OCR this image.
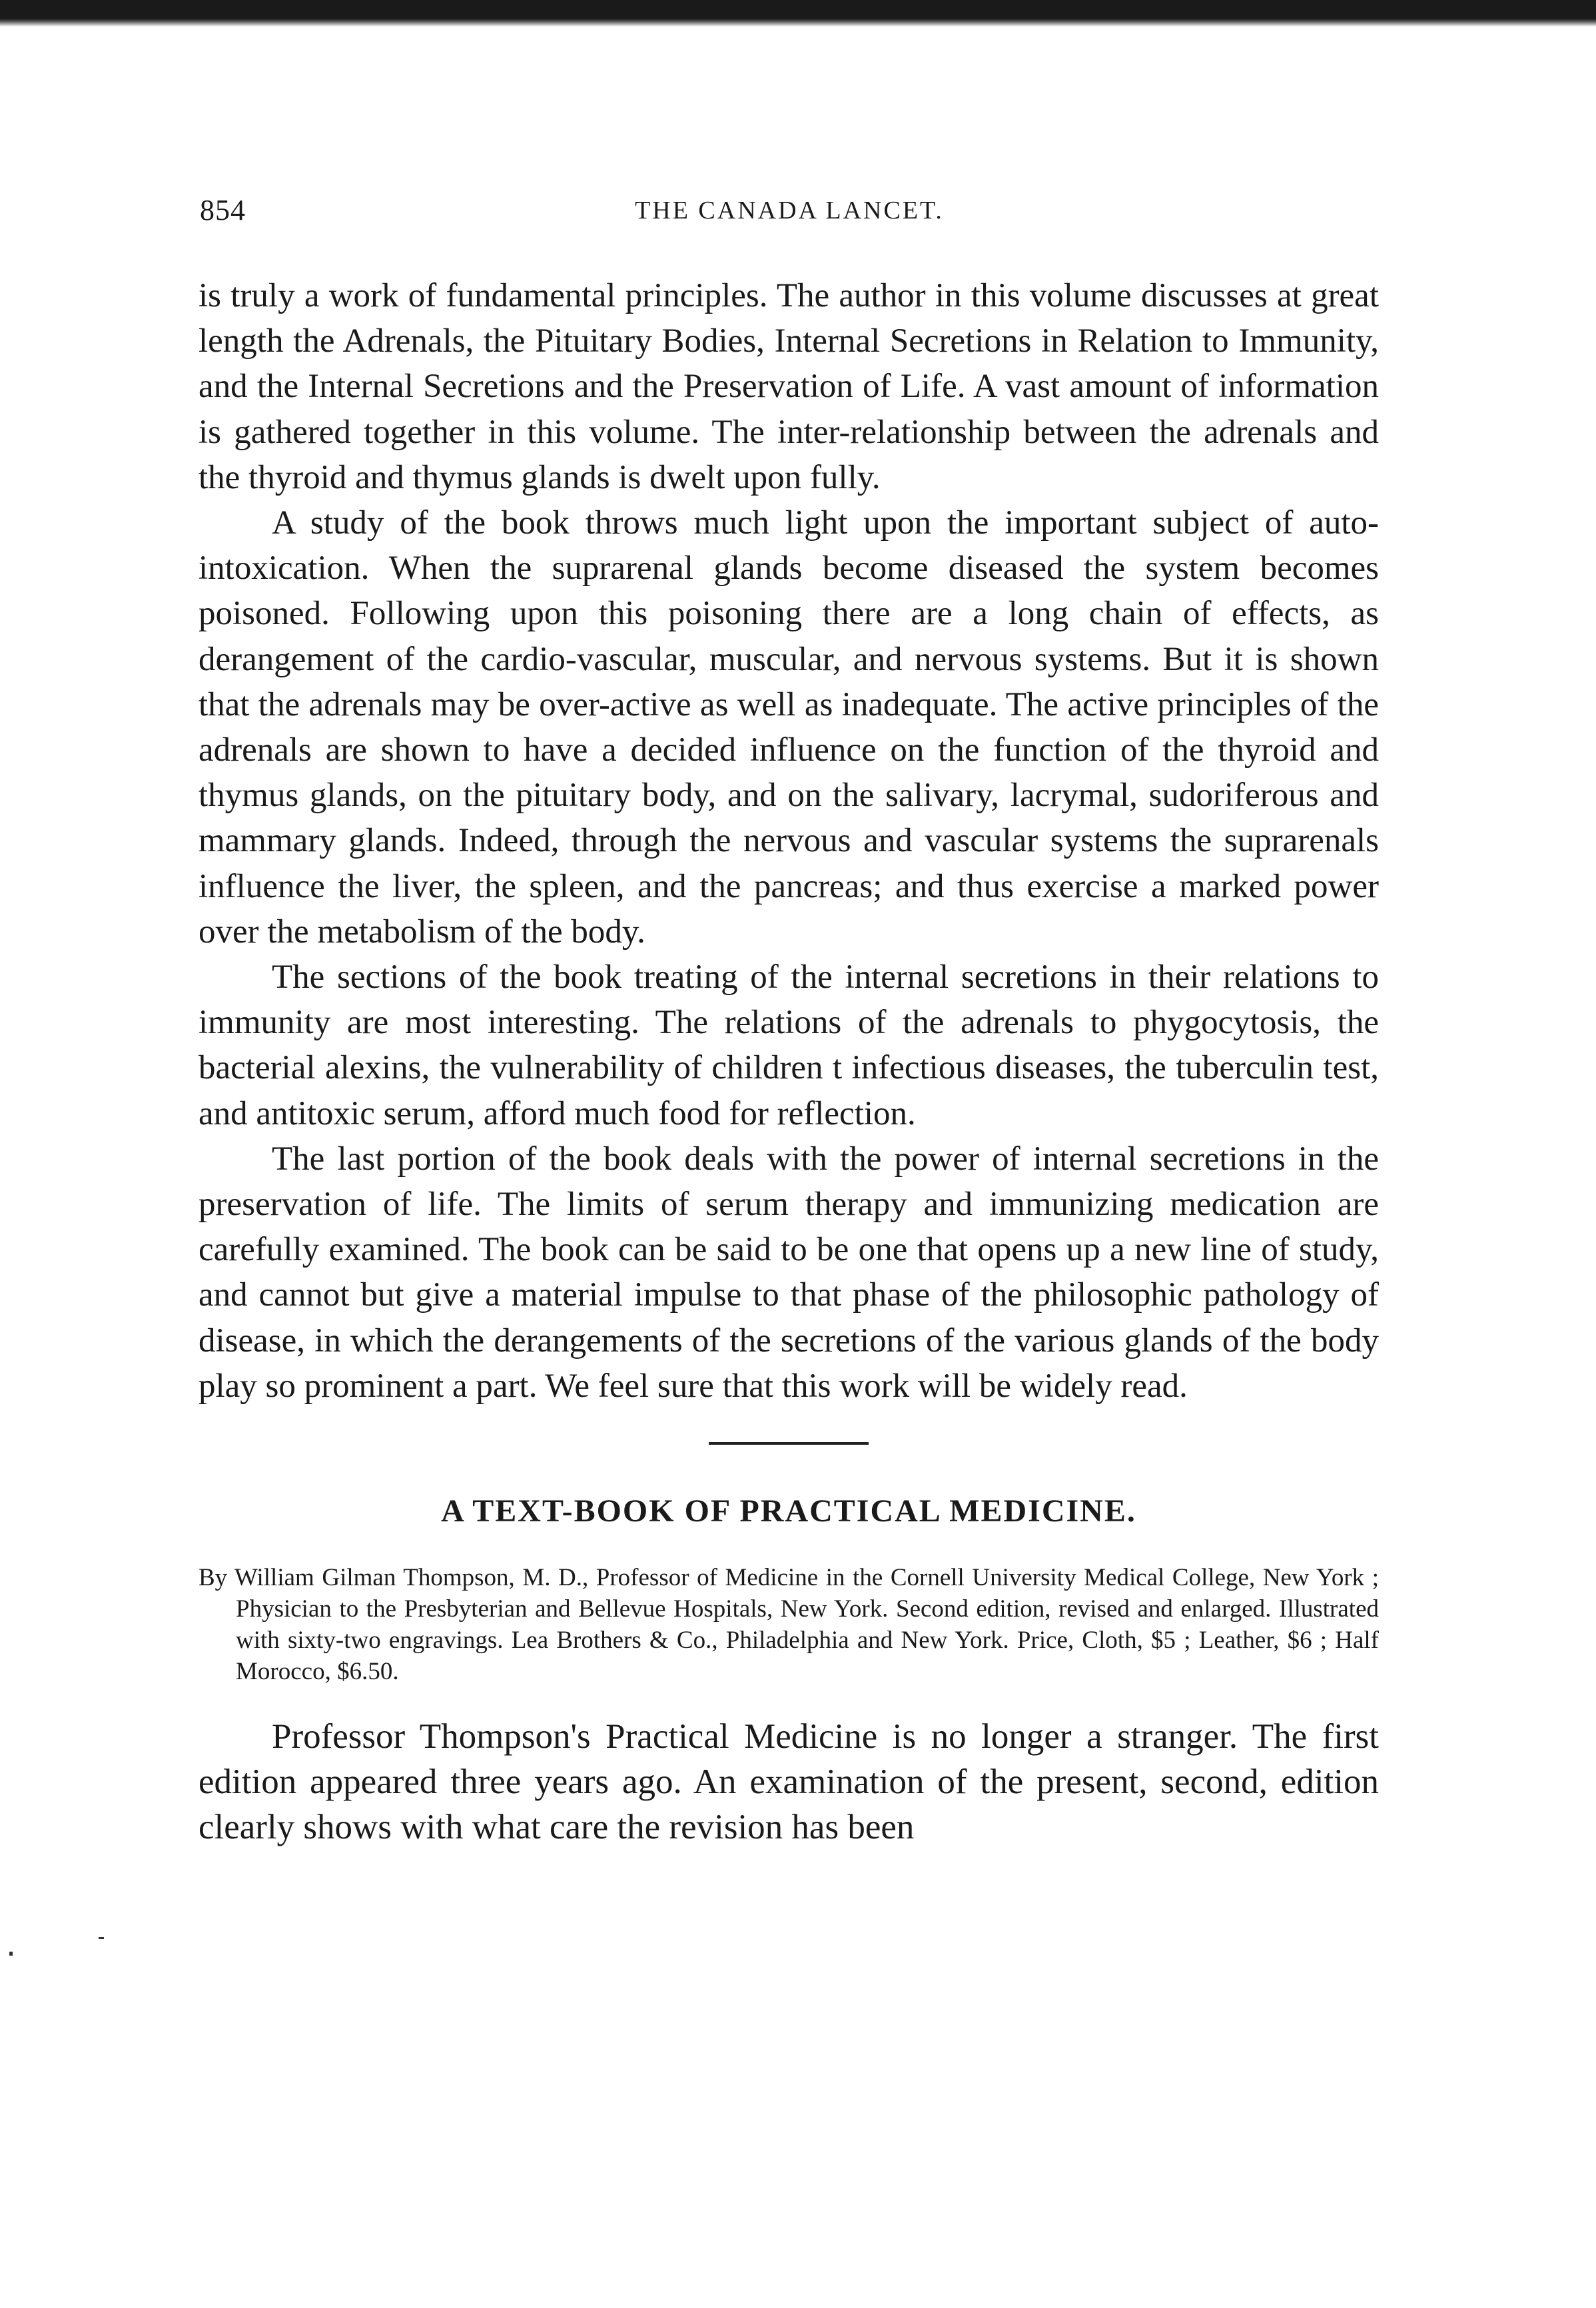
854	THE CANADA LANCET.

is truly a work of fundamental principles. The author in this volume discusses at great length the Adrenals, the Pituitary Bodies, Internal Secretions in Relation to Immunity, and the Internal Secretions and the Preservation of Life. A vast amount of information is gathered together in this volume. The inter-relationship between the adrenals and the thyroid and thymus glands is dwelt upon fully.

A study of the book throws much light upon the important subject of auto-intoxication. When the suprarenal glands become diseased the system becomes poisoned. Following upon this poisoning there are a long chain of effects, as derangement of the cardio-vascular, muscular, and nervous systems. But it is shown that the adrenals may be over-active as well as inadequate. The active principles of the adrenals are shown to have a decided influence on the function of the thyroid and thymus glands, on the pituitary body, and on the salivary, lacrymal, sudoriferous and mammary glands. Indeed, through the nervous and vascular systems the suprarenals influence the liver, the spleen, and the pancreas; and thus exercise a marked power over the metabolism of the body.

The sections of the book treating of the internal secretions in their relations to immunity are most interesting. The relations of the adrenals to phygocytosis, the bacterial alexins, the vulnerability of children t infectious diseases, the tuberculin test, and antitoxic serum, afford much food for reflection.

The last portion of the book deals with the power of internal secretions in the preservation of life. The limits of serum therapy and immunizing medication are carefully examined. The book can be said to be one that opens up a new line of study, and cannot but give a material impulse to that phase of the philosophic pathology of disease, in which the derangements of the secretions of the various glands of the body play so prominent a part. We feel sure that this work will be widely read.

A TEXT-BOOK OF PRACTICAL MEDICINE.

By William Gilman Thompson, M. D., Professor of Medicine in the Cornell University Medical College, New York ; Physician to the Presbyterian and Bellevue Hospitals, New York. Second edition, revised and enlarged. Illustrated with sixty-two engravings. Lea Brothers & Co., Philadelphia and New York. Price, Cloth, $5 ; Leather, $6 ; Half Morocco, $6.50.

Professor Thompson's Practical Medicine is no longer a stranger. The first edition appeared three years ago. An examination of the present, second, edition clearly shows with what care the revision has been
